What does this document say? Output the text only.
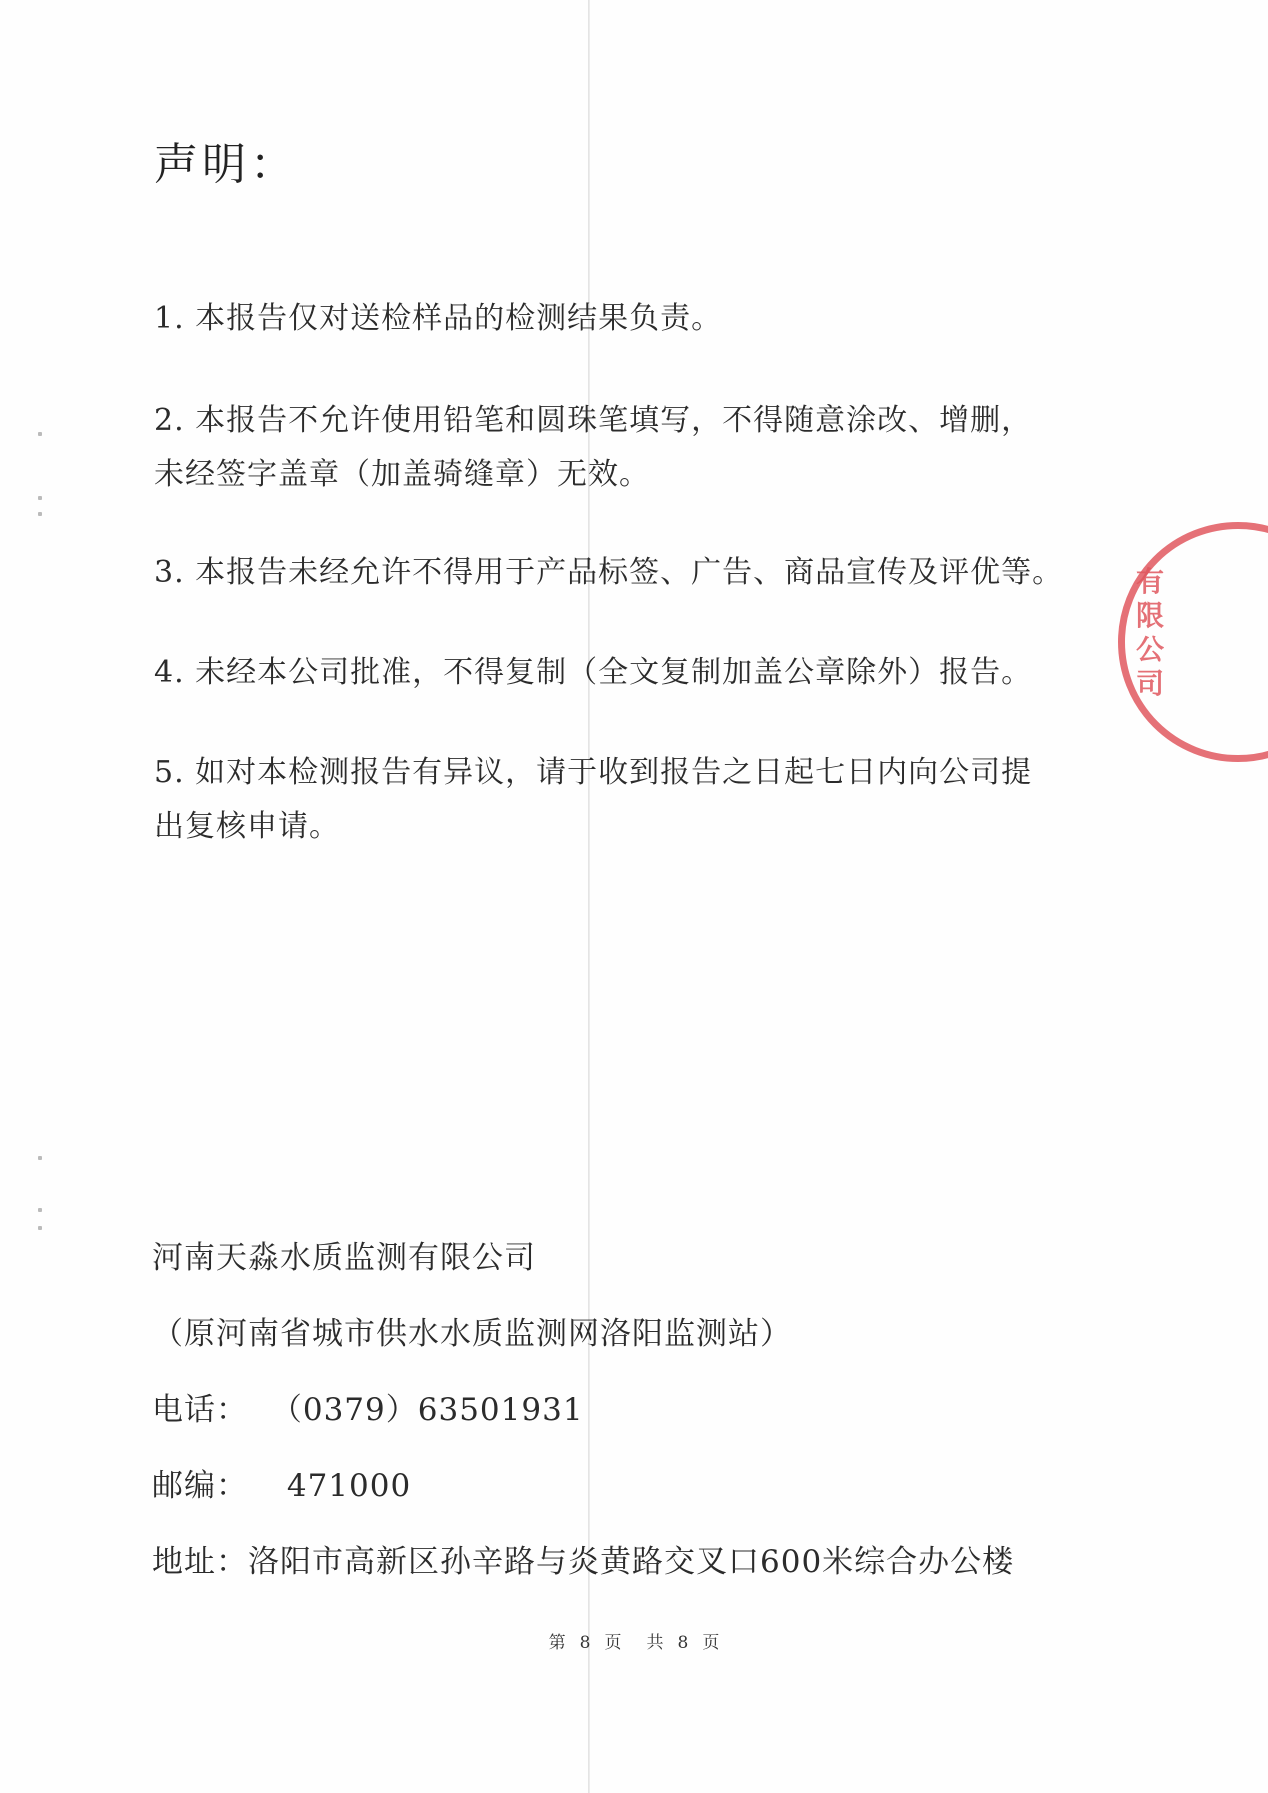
声明：
1. 本报告仅对送检样品的检测结果负责。
2. 本报告不允许使用铅笔和圆珠笔填写，不得随意涂改、增删，
未经签字盖章（加盖骑缝章）无效。
3. 本报告未经允许不得用于产品标签、广告、商品宣传及评优等。
4. 未经本公司批准，不得复制（全文复制加盖公章除外）报告。
5. 如对本检测报告有异议，请于收到报告之日起七日内向公司提
出复核申请。
河南天淼水质监测有限公司
（原河南省城市供水水质监测网洛阳监测站）
电话： （0379）63501931
邮编： 471000
地址：洛阳市高新区孙辛路与炎黄路交叉口600米综合办公楼
第 8 页 共 8 页
有限公司
